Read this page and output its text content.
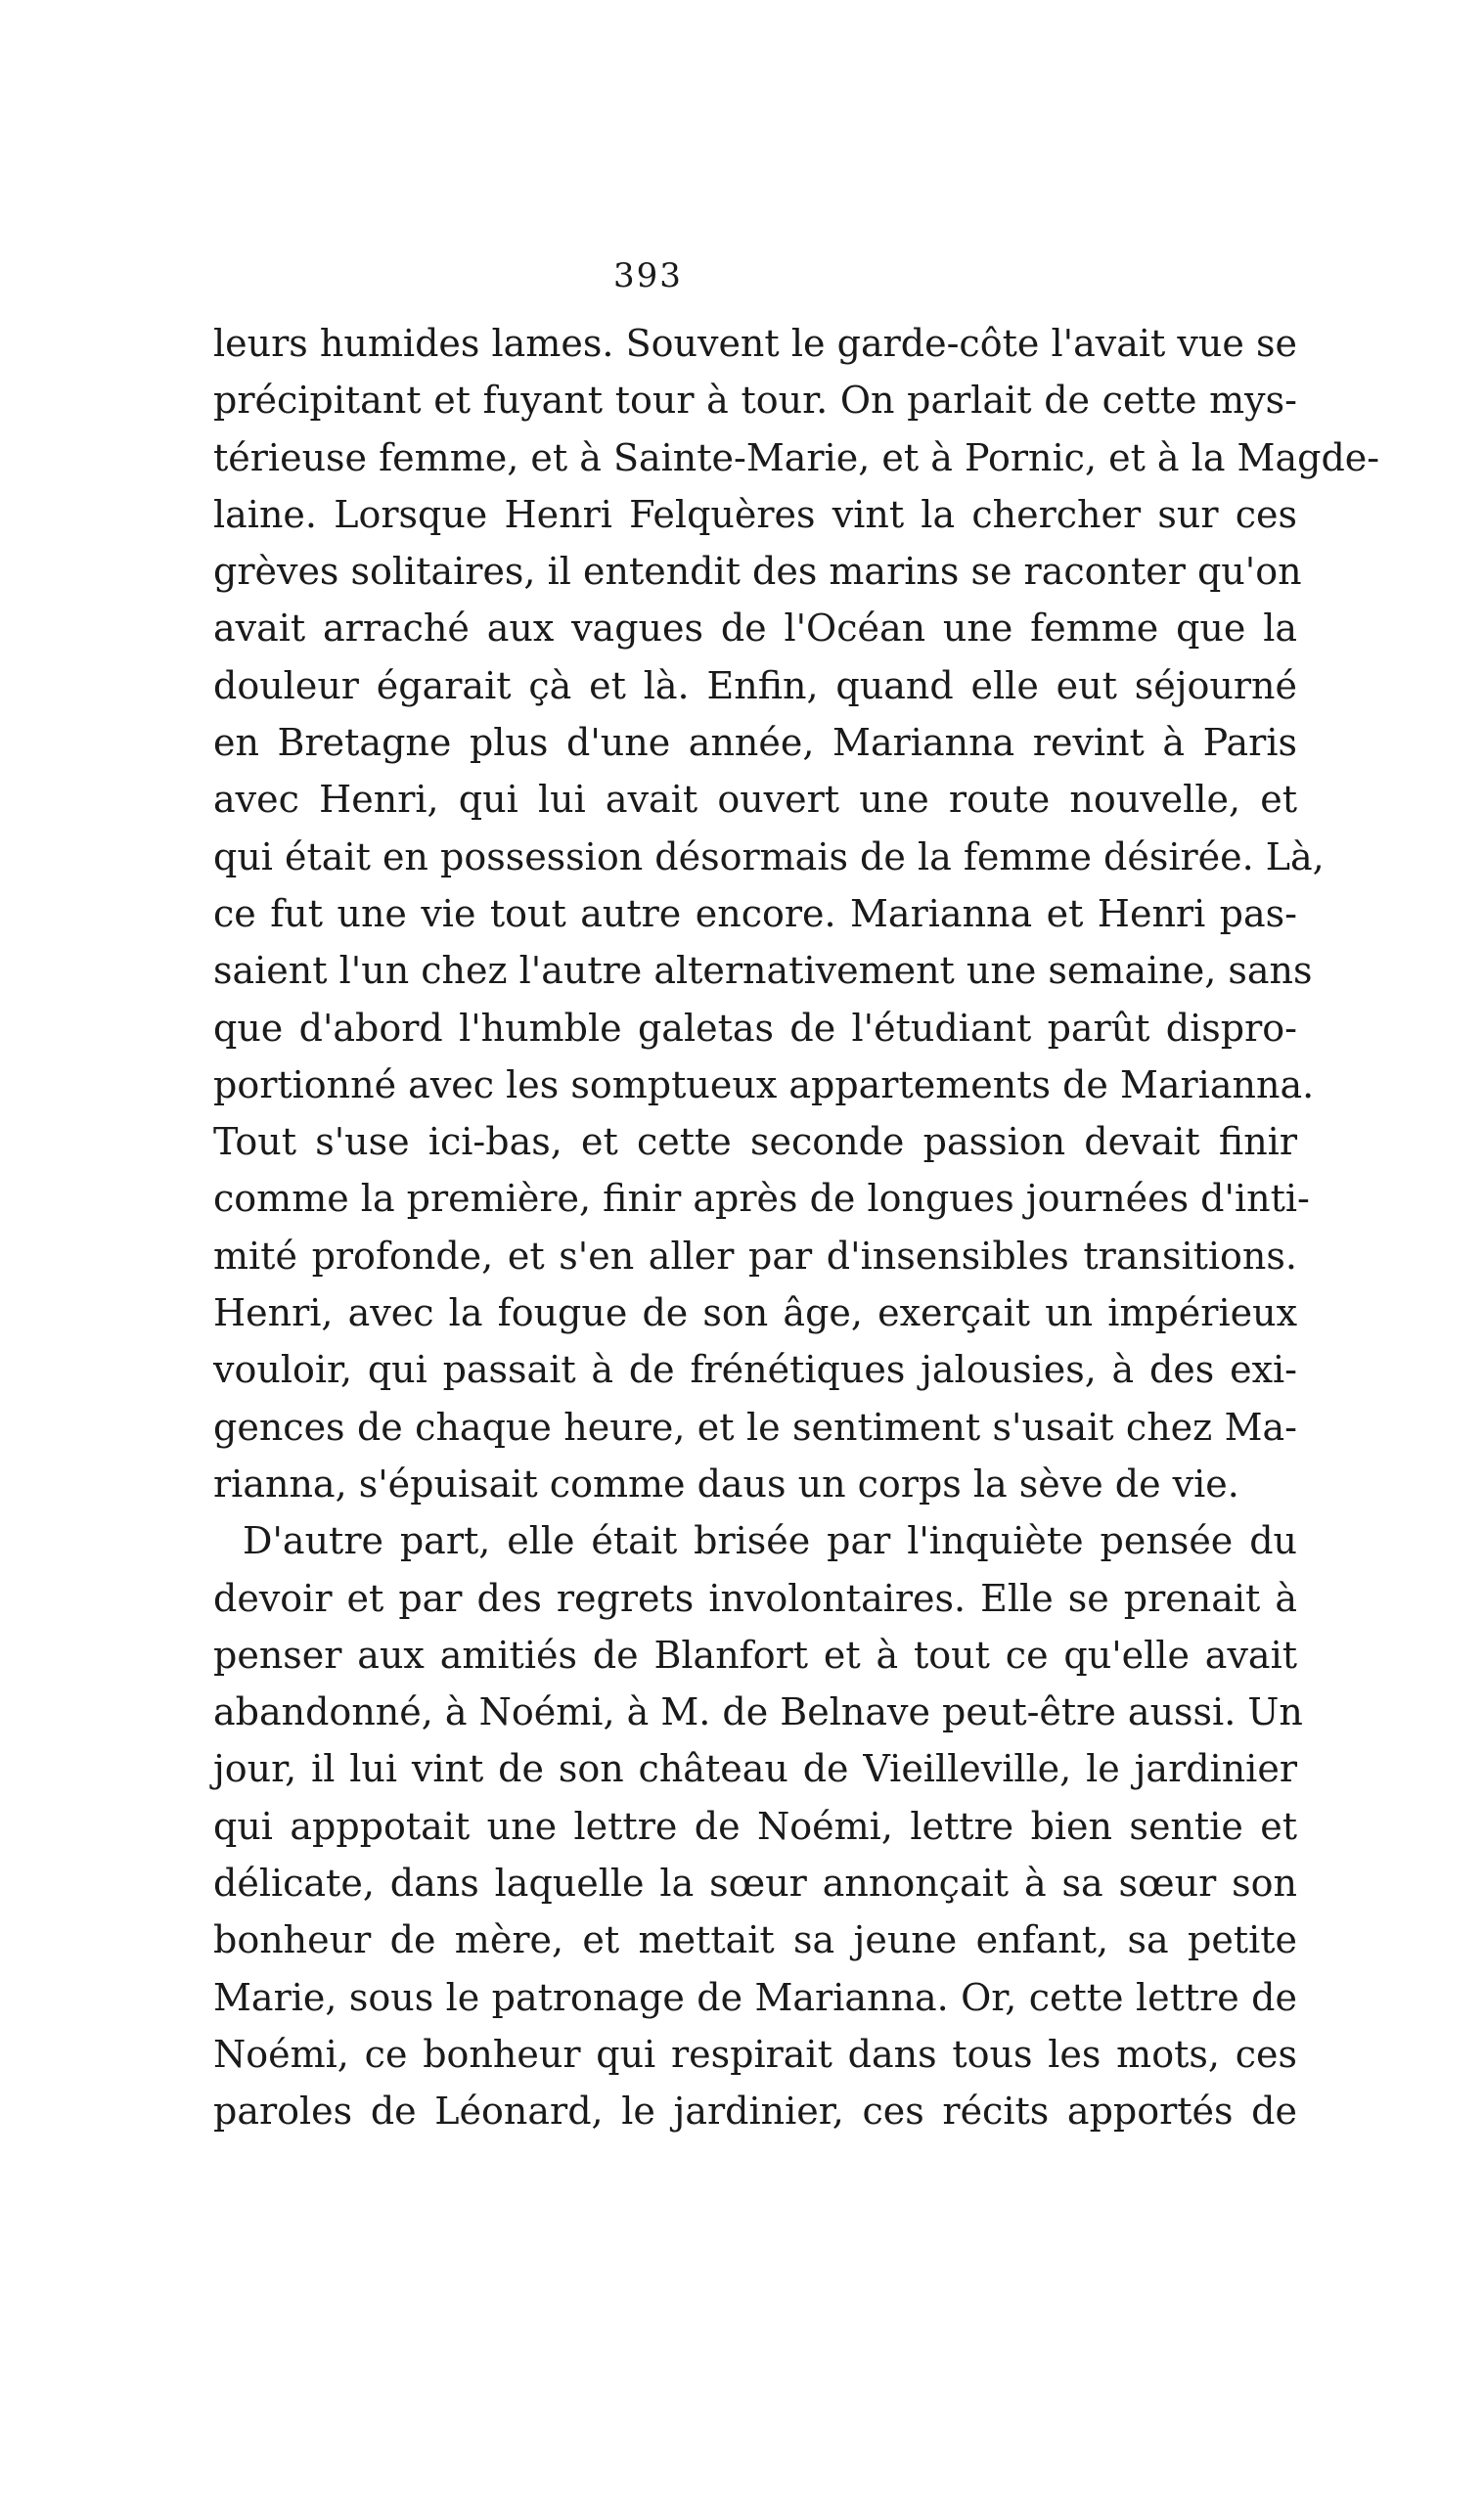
393
leurs humides lames. Souvent le garde-côte l'avait vue se
précipitant et fuyant tour à tour. On parlait de cette mys-
térieuse femme, et à Sainte-Marie, et à Pornic, et à la Magde-
laine. Lorsque Henri Felquères vint la chercher sur ces
grèves solitaires, il entendit des marins se raconter qu'on
avait arraché aux vagues de l'Océan une femme que la
douleur égarait çà et là. Enfin, quand elle eut séjourné
en Bretagne plus d'une année, Marianna revint à Paris
avec Henri, qui lui avait ouvert une route nouvelle, et
qui était en possession désormais de la femme désirée. Là,
ce fut une vie tout autre encore. Marianna et Henri pas-
saient l'un chez l'autre alternativement une semaine, sans
que d'abord l'humble galetas de l'étudiant parût dispro-
portionné avec les somptueux appartements de Marianna.
Tout s'use ici-bas, et cette seconde passion devait finir
comme la première, finir après de longues journées d'inti-
mité profonde, et s'en aller par d'insensibles transitions.
Henri, avec la fougue de son âge, exerçait un impérieux
vouloir, qui passait à de frénétiques jalousies, à des exi-
gences de chaque heure, et le sentiment s'usait chez Ma-
rianna, s'épuisait comme daus un corps la sève de vie.
D'autre part, elle était brisée par l'inquiète pensée du
devoir et par des regrets involontaires. Elle se prenait à
penser aux amitiés de Blanfort et à tout ce qu'elle avait
abandonné, à Noémi, à M. de Belnave peut-être aussi. Un
jour, il lui vint de son château de Vieilleville, le jardinier
qui apppotait une lettre de Noémi, lettre bien sentie et
délicate, dans laquelle la sœur annonçait à sa sœur son
bonheur de mère, et mettait sa jeune enfant, sa petite
Marie, sous le patronage de Marianna. Or, cette lettre de
Noémi, ce bonheur qui respirait dans tous les mots, ces
paroles de Léonard, le jardinier, ces récits apportés de
